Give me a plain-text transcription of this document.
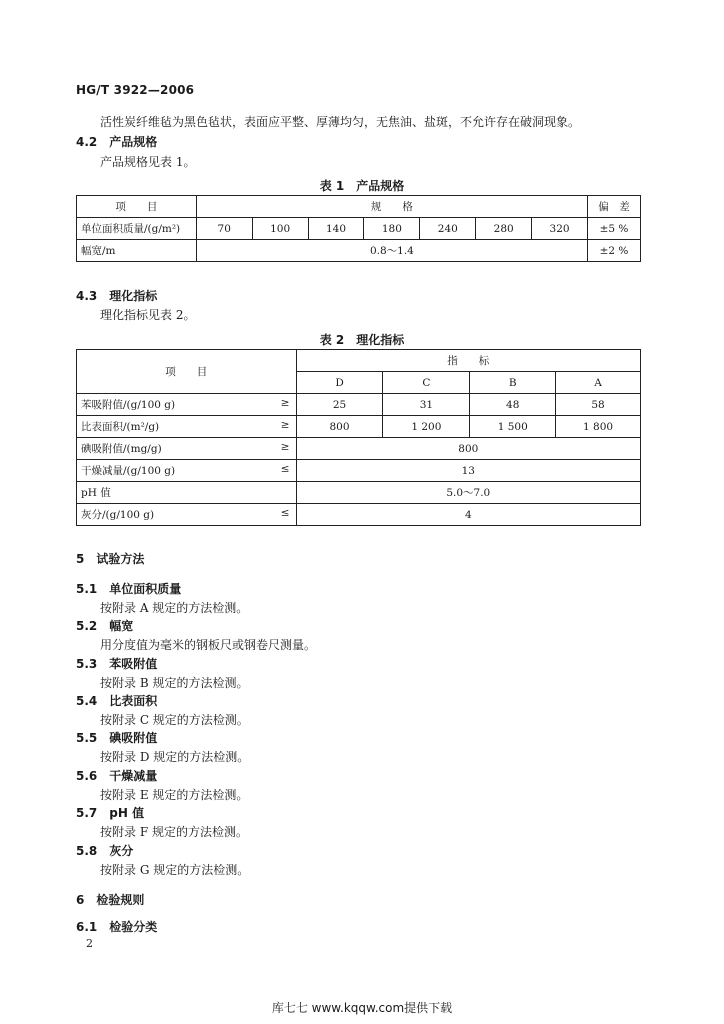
HG/T 3922—2006
活性炭纤维毡为黑色毡状，表面应平整、厚薄均匀，无焦油、盐斑，不允许存在破洞现象。
4.2 产品规格
产品规格见表 1。
表 1　产品规格
项　　目	规　　格							偏　差
单位面积质量/(g/m²)	70	100	140	180	240	280	320	±5 %
幅宽/m	0.8～1.4							±2 %
4.3 理化指标
理化指标见表 2。
表 2　理化指标
项　　目	指　　标			
	D	C	B	A
苯吸附值/(g/100 g) ≥	25	31	48	58
比表面积/(m²/g) ≥	800	1 200	1 500	1 800
碘吸附值/(mg/g) ≥	800			
干燥减量/(g/100 g) ≤	13			
pH 值	5.0～7.0			
灰分/(g/100 g) ≤	4			
5 试验方法
5.1 单位面积质量
按附录 A 规定的方法检测。
5.2 幅宽
用分度值为毫米的钢板尺或钢卷尺测量。
5.3 苯吸附值
按附录 B 规定的方法检测。
5.4 比表面积
按附录 C 规定的方法检测。
5.5 碘吸附值
按附录 D 规定的方法检测。
5.6 干燥减量
按附录 E 规定的方法检测。
5.7 pH 值
按附录 F 规定的方法检测。
5.8 灰分
按附录 G 规定的方法检测。
6 检验规则
6.1 检验分类
2
库七七 www.kqqw.com提供下载
